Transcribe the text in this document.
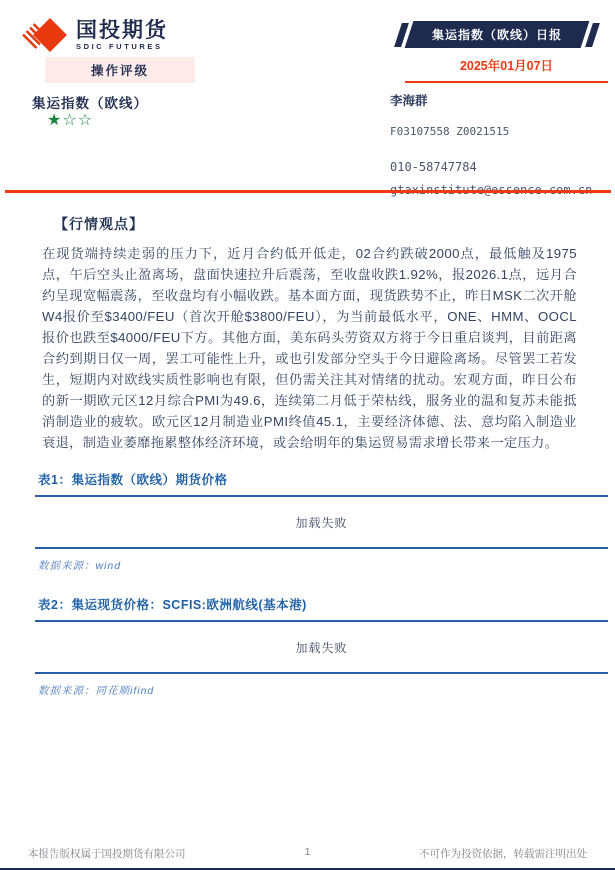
国投期货
SDIC FUTURES
集运指数（欧线）日报
2025年01月07日
操作评级
集运指数（欧线）
★☆☆
李海群
F03107558 Z0021515
010-58747784
【行情观点】
在现货端持续走弱的压力下，近月合约低开低走，02合约跌破2000点，最低触及1975点，午后空头止盈离场，盘面快速拉升后震荡，至收盘收跌1.92%，报2026.1点，远月合约呈现宽幅震荡，至收盘均有小幅收跌。基本面方面，现货跌势不止，昨日MSK二次开舱W4报价至$3400/FEU（首次开舱$3800/FEU），为当前最低水平，ONE、HMM、OOCL报价也跌至$4000/FEU下方。其他方面，美东码头劳资双方将于今日重启谈判，目前距离合约到期日仅一周，罢工可能性上升，或也引发部分空头于今日避险离场。尽管罢工若发生，短期内对欧线实质性影响也有限，但仍需关注其对情绪的扰动。宏观方面，昨日公布的新一期欧元区12月综合PMI为49.6，连续第二月低于荣枯线，服务业的温和复苏未能抵消制造业的疲软。欧元区12月制造业PMI终值45.1，主要经济体德、法、意均陷入制造业衰退，制造业萎靡拖累整体经济环境，或会给明年的集运贸易需求增长带来一定压力。
表1：集运指数（欧线）期货价格
加载失败
数据来源：wind
表2：集运现货价格：SCFIS:欧洲航线(基本港)
加载失败
数据来源：同花顺ifind
本报告版权属于国投期货有限公司	1	不可作为投资依据，转载需注明出处
